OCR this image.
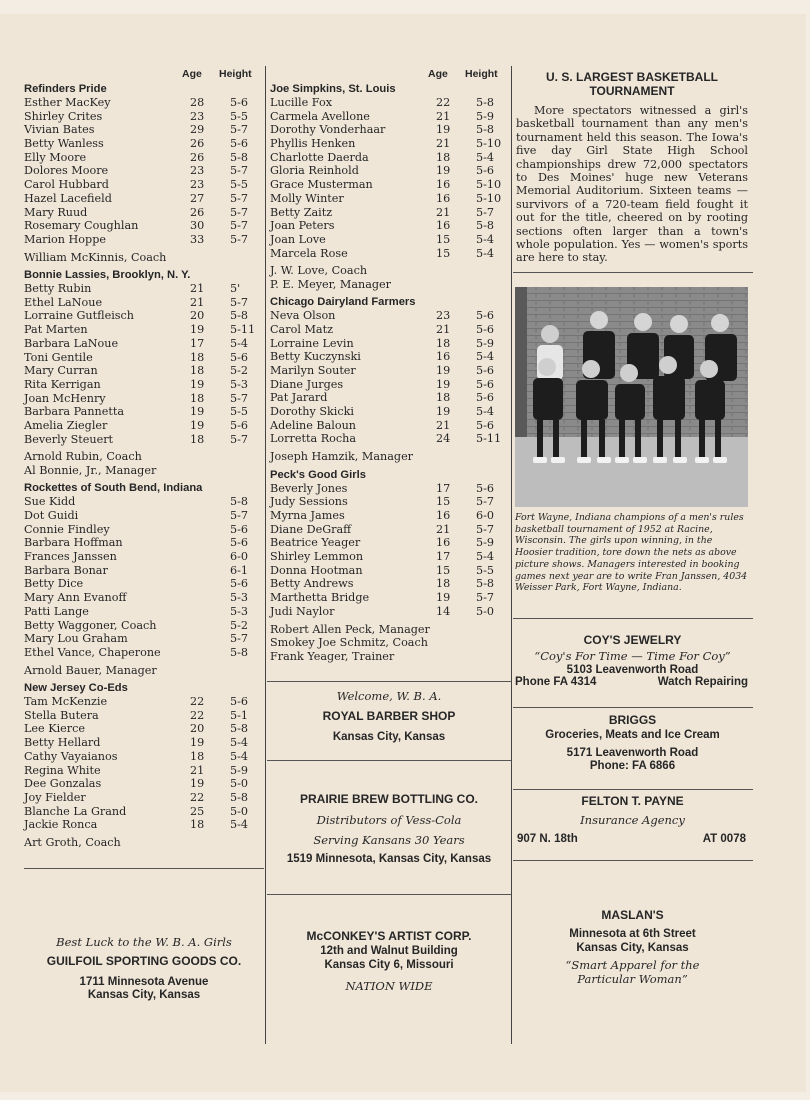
Age Height
Refinders Pride
Esther MacKey	28 5-6
Shirley Crites	23 5-5
Vivian Bates	29 5-7
Betty Wanless	26 5-6
Elly Moore	26 5-8
Dolores Moore	23 5-7
Carol Hubbard	23 5-5
Hazel Lacefield	27 5-7
Mary Ruud	26 5-7
Rosemary Coughlan	30 5-7
Marion Hoppe	33 5-7
William McKinnis, Coach
Bonnie Lassies, Brooklyn, N. Y.
Betty Rubin	21 5'
Ethel LaNoue	21 5-7
Lorraine Gutfleisch	20 5-8
Pat Marten	19 5-11
Barbara LaNoue	17 5-4
Toni Gentile	18 5-6
Mary Curran	18 5-2
Rita Kerrigan	19 5-3
Joan McHenry	18 5-7
Barbara Pannetta	19 5-5
Amelia Ziegler	19 5-6
Beverly Steuert	18 5-7
Arnold Rubin, Coach
Al Bonnie, Jr., Manager
Rockettes of South Bend, Indiana
Sue Kidd	5-8
Dot Guidi	5-7
Connie Findley	5-6
Barbara Hoffman	5-6
Frances Janssen	6-0
Barbara Bonar	6-1
Betty Dice	5-6
Mary Ann Evanoff	5-3
Patti Lange	5-3
Betty Waggoner, Coach	5-2
Mary Lou Graham	5-7
Ethel Vance, Chaperone	5-8
Arnold Bauer, Manager
New Jersey Co-Eds
Tam McKenzie	22 5-6
Stella Butera	22 5-1
Lee Kierce	20 5-8
Betty Hellard	19 5-4
Cathy Vayaianos	18 5-4
Regina White	21 5-9
Dee Gonzalas	19 5-0
Joy Fielder	22 5-8
Blanche La Grand	25 5-0
Jackie Ronca	18 5-4
Art Groth, Coach
Age Height
Joe Simpkins, St. Louis
Lucille Fox	22 5-8
Carmela Avellone	21 5-9
Dorothy Vonderhaar	19 5-8
Phyllis Henken	21 5-10
Charlotte Daerda	18 5-4
Gloria Reinhold	19 5-6
Grace Musterman	16 5-10
Molly Winter	16 5-10
Betty Zaitz	21 5-7
Joan Peters	16 5-8
Joan Love	15 5-4
Marcela Rose	15 5-4
J. W. Love, Coach
P. E. Meyer, Manager
Chicago Dairyland Farmers
Neva Olson	23 5-6
Carol Matz	21 5-6
Lorraine Levin	18 5-9
Betty Kuczynski	16 5-4
Marilyn Souter	19 5-6
Diane Jurges	19 5-6
Pat Jarard	18 5-6
Dorothy Skicki	19 5-4
Adeline Baloun	21 5-6
Lorretta Rocha	24 5-11
Joseph Hamzik, Manager
Peck's Good Girls
Beverly Jones	17 5-6
Judy Sessions	15 5-7
Myrna James	16 6-0
Diane DeGraff	21 5-7
Beatrice Yeager	16 5-9
Shirley Lemmon	17 5-4
Donna Hootman	15 5-5
Betty Andrews	18 5-8
Marthetta Bridge	19 5-7
Judi Naylor	14 5-0
Robert Allen Peck, Manager
Smokey Joe Schmitz, Coach
Frank Yeager, Trainer
U. S. LARGEST BASKETBALL TOURNAMENT
More spectators witnessed a girl's basketball tournament than any men's tournament held this season. The Iowa's five day Girl State High School championships drew 72,000 spectators to Des Moines' huge new Veterans Memorial Auditorium. Sixteen teams — survivors of a 720-team field fought it out for the title, cheered on by rooting sections often larger than a town's whole population. Yes — women's sports are here to stay.
Fort Wayne, Indiana champions of a men's rules basketball tournament of 1952 at Racine, Wisconsin. The girls upon winning, in the Hoosier tradition, tore down the nets as above picture shows. Managers interested in booking games next year are to write Fran Janssen, 4034 Weisser Park, Fort Wayne, Indiana.
COY'S JEWELRY
“Coy's For Time — Time For Coy”
5103 Leavenworth Road
Phone FA 4314	Watch Repairing
BRIGGS
Groceries, Meats and Ice Cream
5171 Leavenworth Road
Phone: FA 6866
FELTON T. PAYNE
Insurance Agency
907 N. 18th	AT 0078
MASLAN'S
Minnesota at 6th Street
Kansas City, Kansas
“Smart Apparel for the
Particular Woman”
Welcome, W. B. A.
ROYAL BARBER SHOP
Kansas City, Kansas
PRAIRIE BREW BOTTLING CO.
Distributors of Vess-Cola
Serving Kansans 30 Years
1519 Minnesota, Kansas City, Kansas
McCONKEY'S ARTIST CORP.
12th and Walnut Building
Kansas City 6, Missouri
NATION WIDE
Best Luck to the W. B. A. Girls
GUILFOIL SPORTING GOODS CO.
1711 Minnesota Avenue
Kansas City, Kansas
